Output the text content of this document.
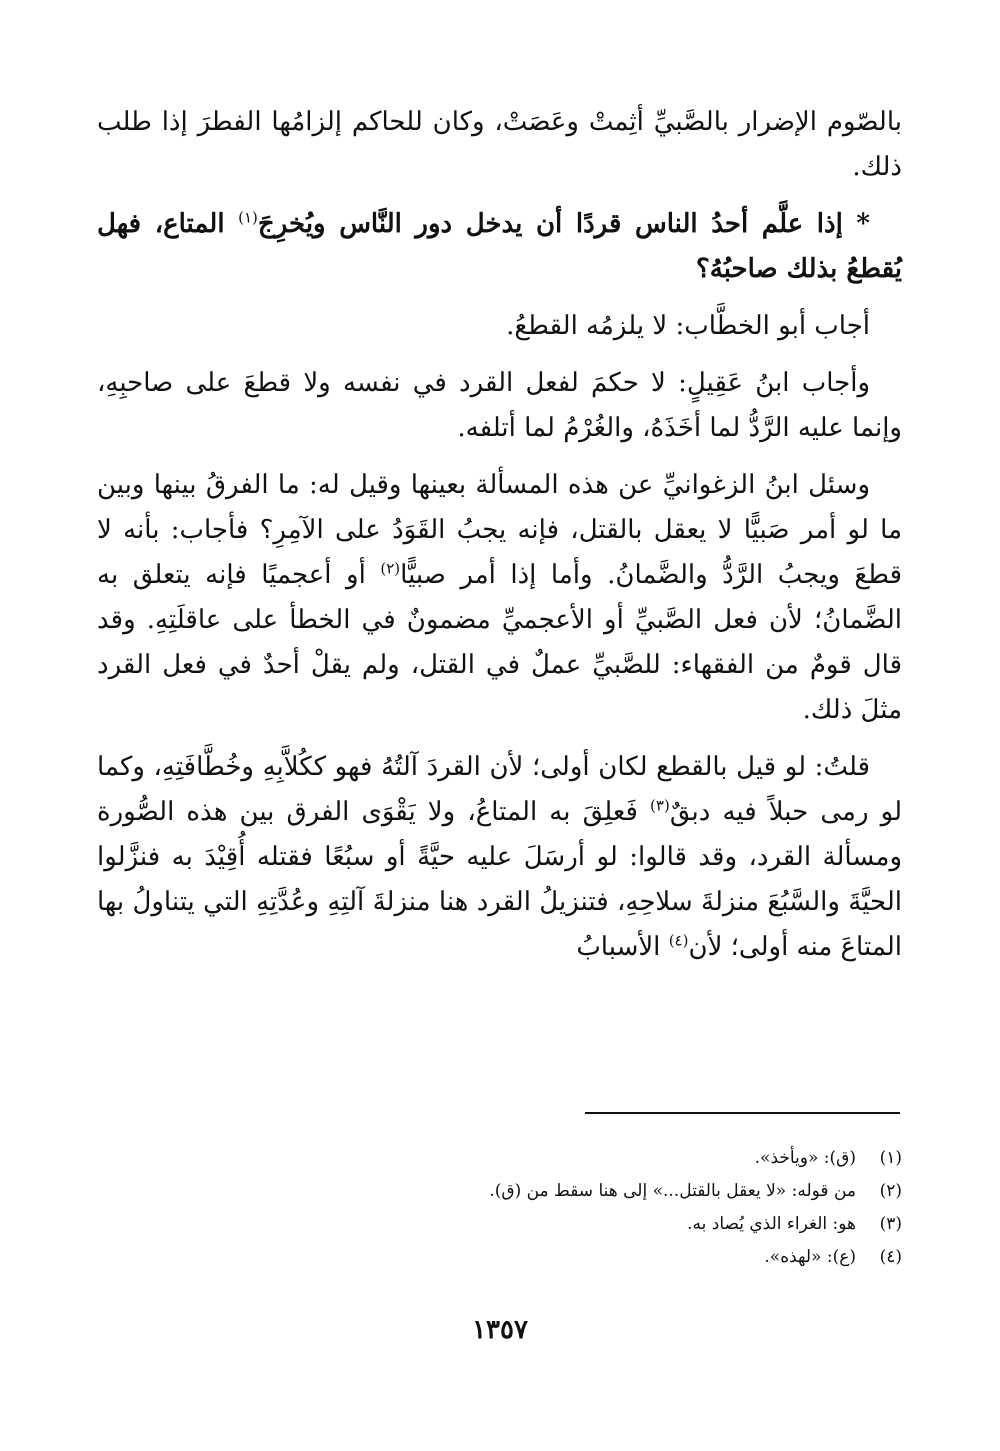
بالصّوم الإضرار بالصَّبيِّ أثِمتْ وعَصَتْ، وكان للحاكم إلزامُها الفطرَ إذا طلب ذلك.

* إذا علَّم أحدُ الناس قردًا أن يدخل دور النَّاس ويُخرِجَ$^{(١)}$ المتاع، فهل يُقطعُ بذلك صاحبُهُ؟

أجاب أبو الخطَّاب: لا يلزمُه القطعُ.

وأجاب ابنُ عَقِيلٍ: لا حكمَ لفعل القرد في نفسه ولا قطعَ على صاحبِهِ، وإنما عليه الرَّدُّ لما أخَذَهُ، والغُرْمُ لما أتلفه.

وسئل ابنُ الزغوانيِّ عن هذه المسألة بعينها وقيل له: ما الفرقُ بينها وبين ما لو أمر صَبيًّا لا يعقل بالقتل، فإنه يجبُ القَوَدُ على الآمِرِ؟ فأجاب: بأنه لا قطعَ ويجبُ الرَّدُّ والضَّمانُ. وأما إذا أمر صبيًّا$^{(٢)}$ أو أعجميًا فإنه يتعلق به الضَّمانُ؛ لأن فعل الصَّبيِّ أو الأعجميِّ مضمونٌ في الخطأ على عاقلَتِهِ. وقد قال قومٌ من الفقهاء: للصَّبيِّ عملٌ في القتل، ولم يقلْ أحدٌ في فعل القرد مثلَ ذلك.

قلتُ: لو قيل بالقطع لكان أولى؛ لأن القردَ آلتُهُ فهو ككُلاَّبِهِ وخُطَّافَتِهِ، وكما لو رمى حبلاً فيه دبقٌ$^{(٣)}$ فَعلِقَ به المتاعُ، ولا يَقْوَى الفرق بين هذه الصُّورة ومسألة القرد، وقد قالوا: لو أرسَلَ عليه حيَّةً أو سبُعًا فقتله أُقِيْدَ به فنزَّلوا الحيَّةَ والسَّبُعَ منزلةَ سلاحِهِ، فتنزيلُ القرد هنا منزلةَ آلتِهِ وعُدَّتِهِ التي يتناولُ بها المتاعَ منه أولى؛ لأن$^{(٤)}$ الأسبابُ

(١)
(ق): «ويأخذ».
(٢)
من قوله: «لا يعقل بالقتل...» إلى هنا سقط من (ق).
(٣)
هو: الغراء الذي يُصاد به.
(٤)
(ع): «لهذه».
١٣٥٧
